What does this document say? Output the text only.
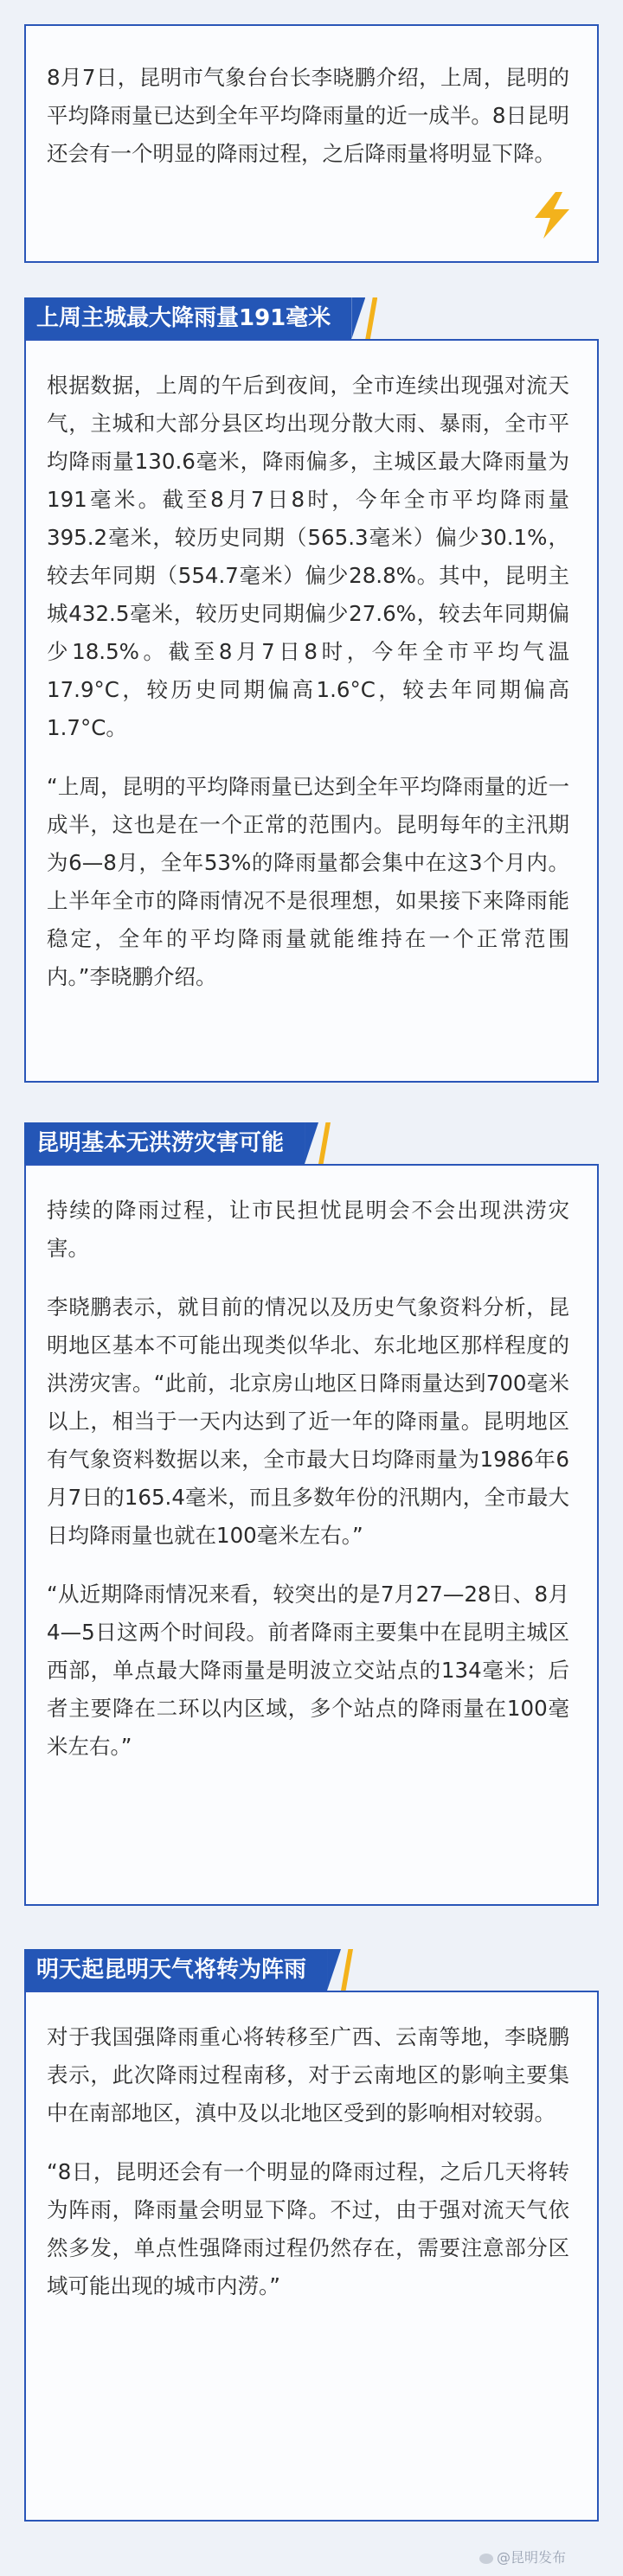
8月7日，昆明市气象台台长李晓鹏介绍，上周，昆明的平均降雨量已达到全年平均降雨量的近一成半。8日昆明还会有一个明显的降雨过程，之后降雨量将明显下降。

上周主城最大降雨量191毫米

根据数据，上周的午后到夜间，全市连续出现强对流天气，主城和大部分县区均出现分散大雨、暴雨，全市平均降雨量130.6毫米，降雨偏多，主城区最大降雨量为191毫米。截至8月7日8时，今年全市平均降雨量395.2毫米，较历史同期（565.3毫米）偏少30.1%，较去年同期（554.7毫米）偏少28.8%。其中，昆明主城432.5毫米，较历史同期偏少27.6%，较去年同期偏少18.5%。截至8月7日8时，今年全市平均气温17.9°C，较历史同期偏高1.6°C，较去年同期偏高1.7°C。

“上周，昆明的平均降雨量已达到全年平均降雨量的近一成半，这也是在一个正常的范围内。昆明每年的主汛期为6—8月，全年53%的降雨量都会集中在这3个月内。上半年全市的降雨情况不是很理想，如果接下来降雨能稳定，全年的平均降雨量就能维持在一个正常范围内。”李晓鹏介绍。

昆明基本无洪涝灾害可能

持续的降雨过程，让市民担忧昆明会不会出现洪涝灾害。

李晓鹏表示，就目前的情况以及历史气象资料分析，昆明地区基本不可能出现类似华北、东北地区那样程度的洪涝灾害。“此前，北京房山地区日降雨量达到700毫米以上，相当于一天内达到了近一年的降雨量。昆明地区有气象资料数据以来，全市最大日均降雨量为1986年6月7日的165.4毫米，而且多数年份的汛期内，全市最大日均降雨量也就在100毫米左右。”

“从近期降雨情况来看，较突出的是7月27—28日、8月4—5日这两个时间段。前者降雨主要集中在昆明主城区西部，单点最大降雨量是明波立交站点的134毫米；后者主要降在二环以内区域，多个站点的降雨量在100毫米左右。”

明天起昆明天气将转为阵雨

对于我国强降雨重心将转移至广西、云南等地，李晓鹏表示，此次降雨过程南移，对于云南地区的影响主要集中在南部地区，滇中及以北地区受到的影响相对较弱。

“8日，昆明还会有一个明显的降雨过程，之后几天将转为阵雨，降雨量会明显下降。不过，由于强对流天气依然多发，单点性强降雨过程仍然存在，需要注意部分区域可能出现的城市内涝。”

@昆明发布
